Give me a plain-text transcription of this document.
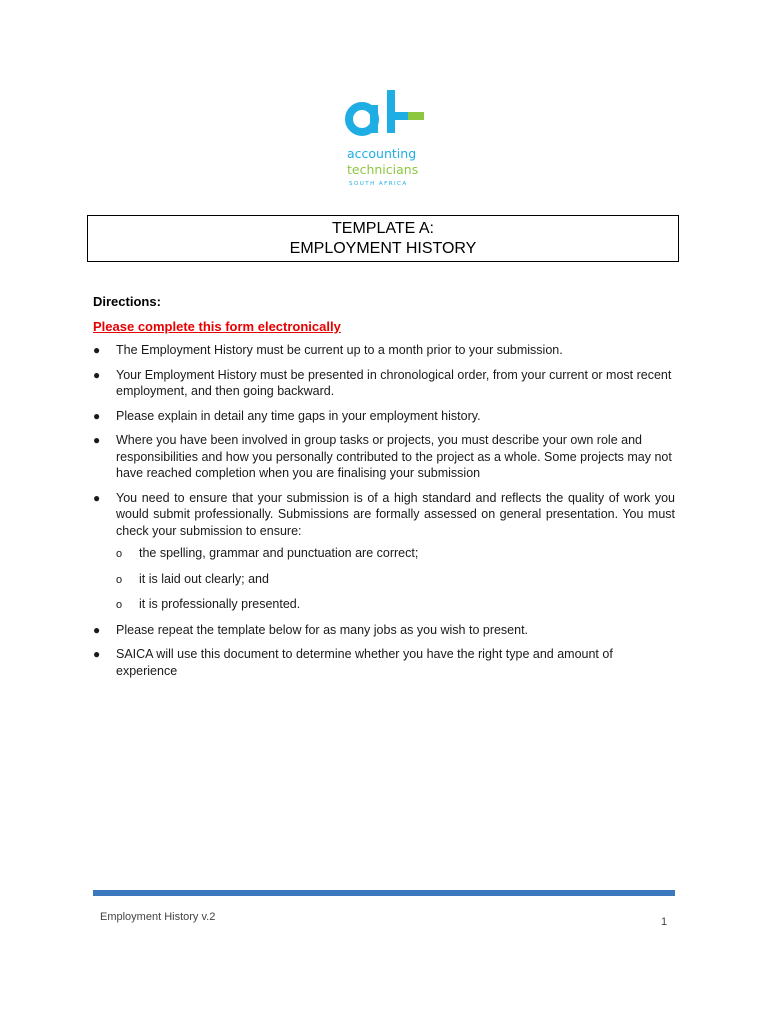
accounting
technicians
SOUTH AFRICA
TEMPLATE A:
EMPLOYMENT HISTORY
Directions:
Please complete this form electronically
● The Employment History must be current up to a month prior to your submission.
● Your Employment History must be presented in chronological order, from your current or most recent employment, and then going backward.
● Please explain in detail any time gaps in your employment history.
● Where you have been involved in group tasks or projects, you must describe your own role and responsibilities and how you personally contributed to the project as a whole. Some projects may not have reached completion when you are finalising your submission
● You need to ensure that your submission is of a high standard and reflects the quality of work you would submit professionally. Submissions are formally assessed on general presentation. You must check your submission to ensure:
o the spelling, grammar and punctuation are correct;
o it is laid out clearly; and
o it is professionally presented.
● Please repeat the template below for as many jobs as you wish to present.
● SAICA will use this document to determine whether you have the right type and amount of experience
Employment History v.2	1
